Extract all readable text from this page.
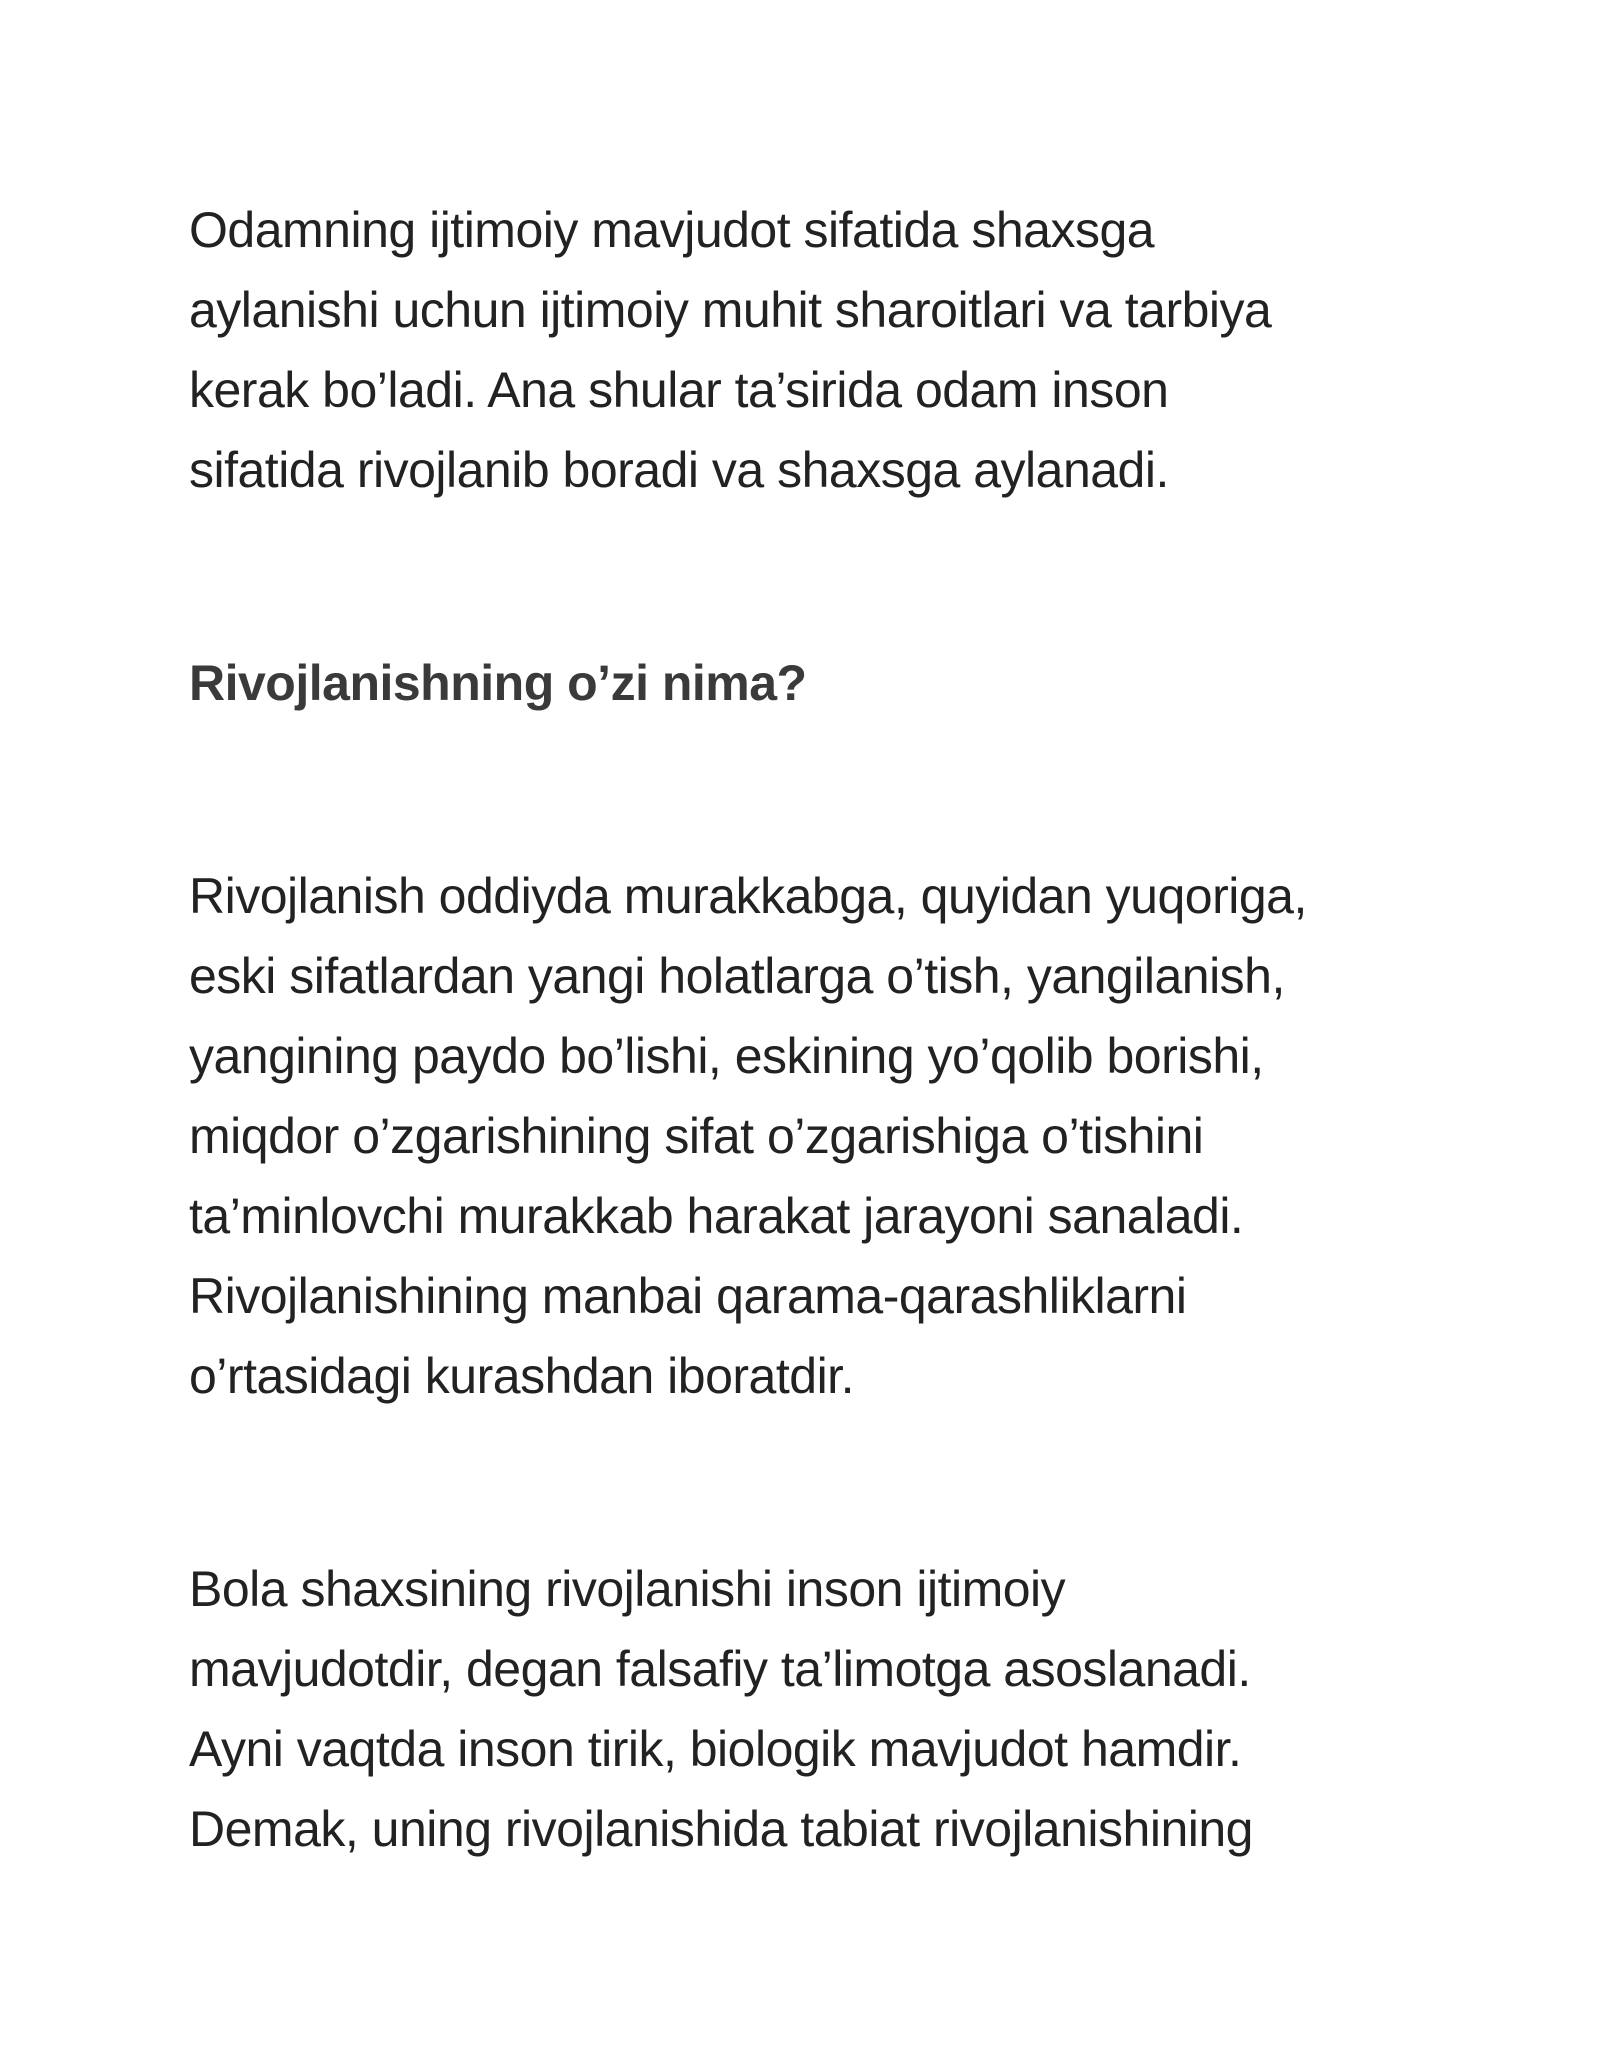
Odamning ijtimoiy mavjudot sifatida shaxsga
aylanishi uchun ijtimoiy muhit sharoitlari va tarbiya
kerak bo’ladi. Ana shular ta’sirida odam inson
sifatida rivojlanib boradi va shaxsga aylanadi.
Rivojlanishning o’zi nima?
Rivojlanish oddiyda murakkabga, quyidan yuqoriga,
eski sifatlardan yangi holatlarga o’tish, yangilanish,
yangining paydo bo’lishi, eskining yo’qolib borishi,
miqdor o’zgarishining sifat o’zgarishiga o’tishini
ta’minlovchi murakkab harakat jarayoni sanaladi.
Rivojlanishining manbai qarama-qarashliklarni
o’rtasidagi kurashdan iboratdir.
Bola shaxsining rivojlanishi inson ijtimoiy
mavjudotdir, degan falsafiy ta’limotga asoslanadi.
Ayni vaqtda inson tirik, biologik mavjudot hamdir.
Demak, uning rivojlanishida tabiat rivojlanishining
